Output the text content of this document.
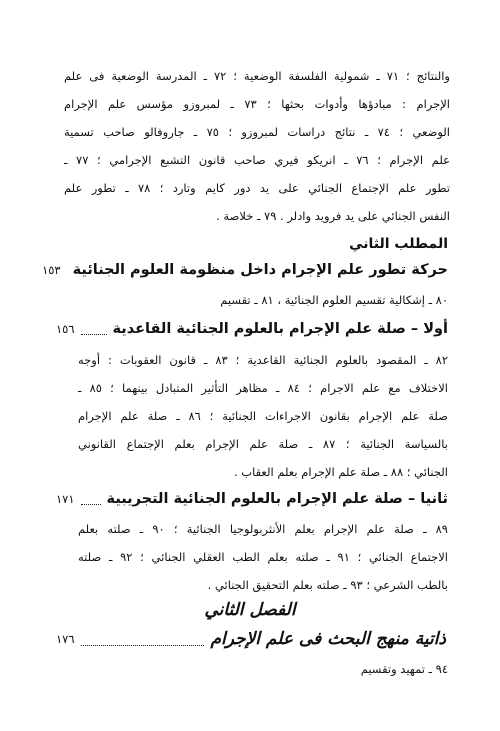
والنتائج ؛ ٧١ ـ شمولية الفلسفة الوضعية ؛ ٧٢ ـ المدرسة الوضعية فى علم
الإجرام : مبادؤها وأدوات بحثها ؛ ٧٣ ـ لمبروزو مؤسس علم الإجرام
الوضعي ؛ ٧٤ ـ نتائج دراسات لمبروزو ؛ ٧٥ ـ جاروفالو صاحب تسمية
علم الإجرام ؛ ٧٦ ـ انريكو فيري صاحب قانون التشبع الإجرامي ؛ ٧٧ ـ
تطور علم الإجتماع الجنائي على يد دور كايم وتارد ؛ ٧٨ ـ تطور علم
النفس الجنائي على يد فرويد وادلر . ٧٩ ـ خلاصة .
المطلب الثاني
حركة تطور علم الإجرام داخل منظومة العلوم الجنائية
١٥٣
٨٠ ـ إشكالية تقسيم العلوم الجنائية ، ٨١ ـ تقسيم
أولا – صلة علم الإجرام بالعلوم الجنائية القاعدية
١٥٦
٨٢ ـ المقصود بالعلوم الجنائية القاعدية ؛ ٨٣ ـ قانون العقوبات : أوجه
الاختلاف مع علم الاجرام ؛ ٨٤ ـ مظاهر التأثير المتبادل بينهما ؛ ٨٥ ـ
صلة علم الإجرام بقانون الاجراءات الجنائية ؛ ٨٦ ـ صلة علم الإجرام
بالسياسة الجنائية ؛ ٨٧ ـ صلة علم الإجرام بعلم الإجتماع القانوني
الجنائي ؛ ٨٨ ـ صلة علم الإجرام بعلم العقاب .
ثانيا – صلة علم الإجرام بالعلوم الجنائية التجريبية
١٧١
٨٩ ـ صلة علم الإجرام بعلم الأنثربولوجيا الجنائية ؛ ٩٠ ـ صلته بعلم
الاجتماع الجنائي ؛ ٩١ ـ صلته بعلم الطب العقلي الجنائي ؛ ٩٢ ـ صلته
بالطب الشرعي ؛ ٩٣ ـ صلته بعلم التحقيق الجنائي .
الفصل الثاني
ذاتية منهج البحث فى علم الإجرام
١٧٦
٩٤ ـ تمهيد وتقسيم
